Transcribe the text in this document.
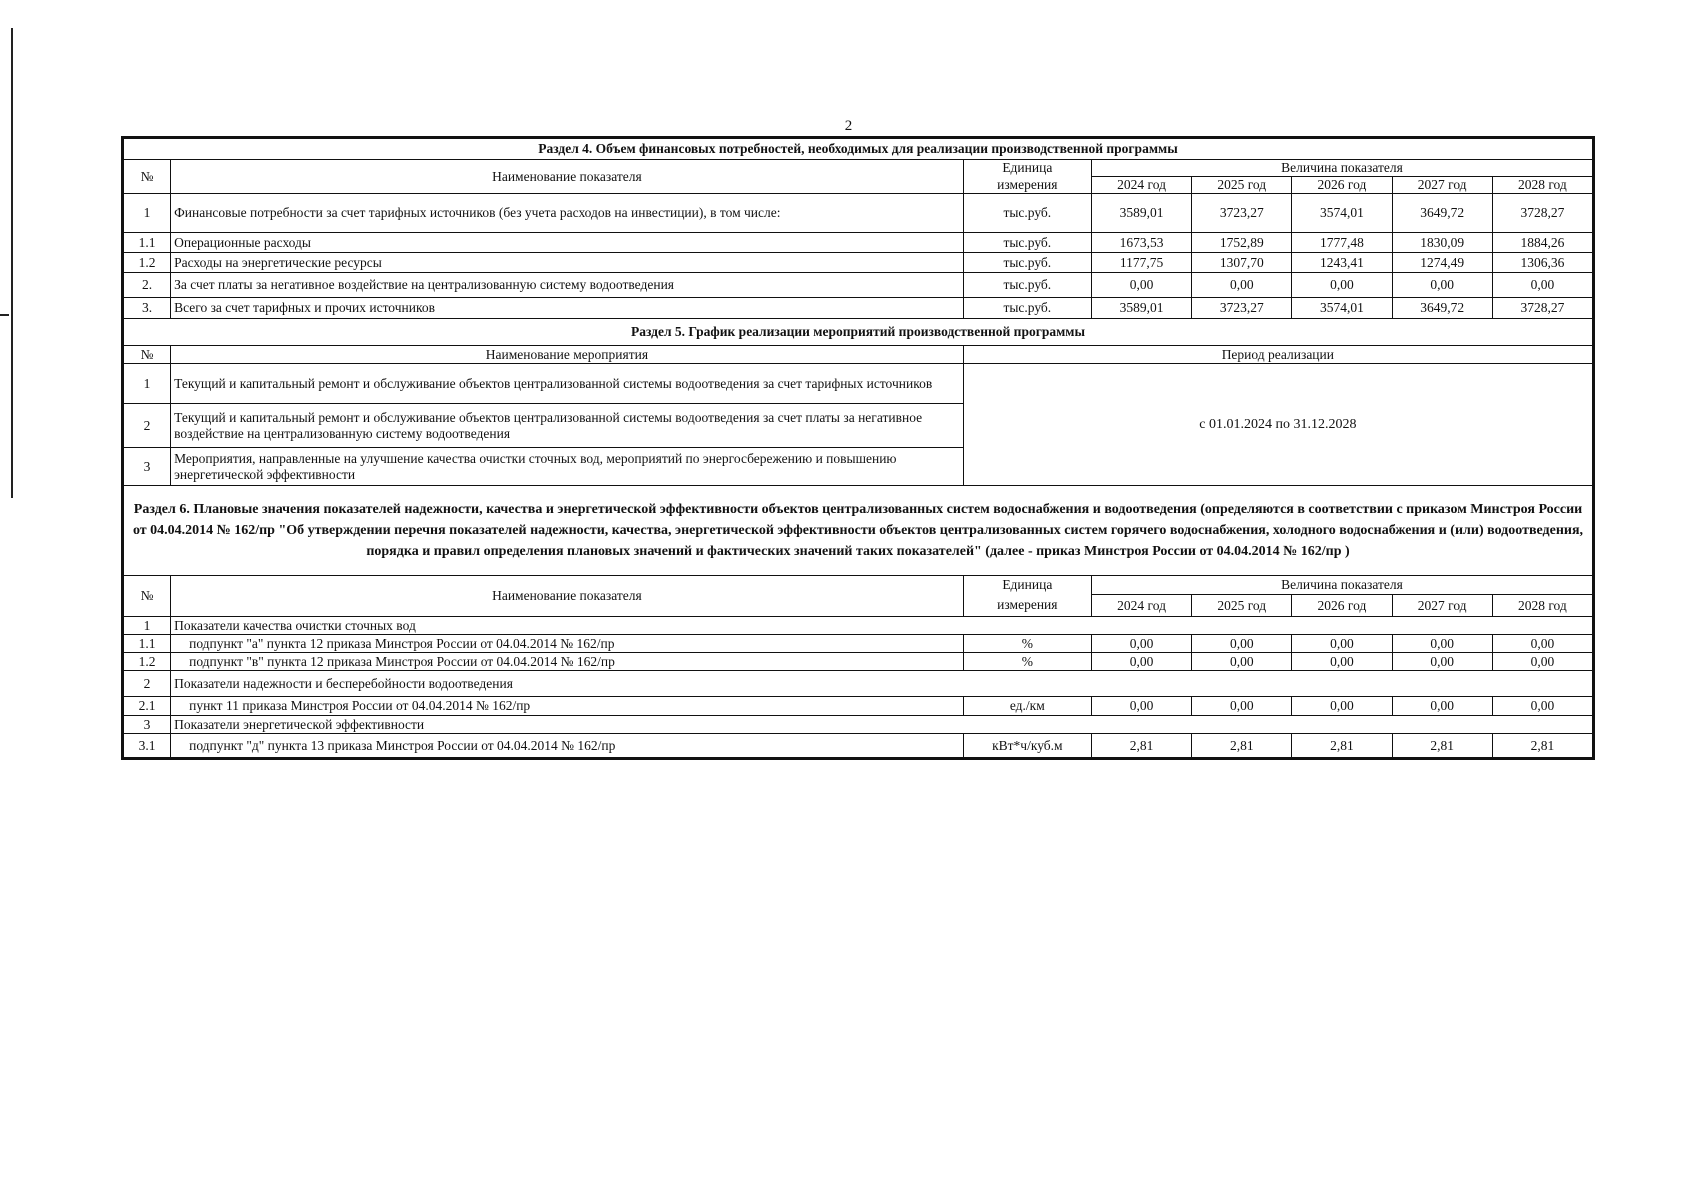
2
Раздел 4. Объем финансовых потребностей, необходимых для реализации производственной программы							
№	Наименование показателя	Единица	Величина показателя				
		измерения	2024 год	2025 год	2026 год	2027 год	2028 год
1	Финансовые потребности за счет тарифных источников (без учета расходов на инвестиции), в том числе:	тыс.руб.	3589,01	3723,27	3574,01	3649,72	3728,27
1.1	Операционные расходы	тыс.руб.	1673,53	1752,89	1777,48	1830,09	1884,26
1.2	Расходы на энергетические ресурсы	тыс.руб.	1177,75	1307,70	1243,41	1274,49	1306,36
2.	За счет платы за негативное воздействие на централизованную систему водоотведения	тыс.руб.	0,00	0,00	0,00	0,00	0,00
3.	Всего за счет тарифных и прочих источников	тыс.руб.	3589,01	3723,27	3574,01	3649,72	3728,27
Раздел 5. График реализации мероприятий производственной программы							
№	Наименование мероприятия	Период реализации					
1	Текущий и капитальный ремонт и обслуживание объектов централизованной системы водоотведения за счет тарифных источников	с 01.01.2024 по 31.12.2028					
2	Текущий и капитальный ремонт и обслуживание объектов централизованной системы водоотведения за счет платы за негативное воздействие на централизованную систему водоотведения						
3	Мероприятия, направленные на улучшение качества очистки сточных вод, мероприятий по энергосбережению и повышению энергетической эффективности						
Раздел 6. Плановые значения показателей надежности, качества и энергетической эффективности объектов централизованных систем водоснабжения и водоотведения (определяются в соответствии с приказом Минстроя России от 04.04.2014 № 162/пр "Об утверждении перечня показателей надежности, качества, энергетической эффективности объектов централизованных систем горячего водоснабжения, холодного водоснабжения и (или) водоотведения, порядка и правил определения плановых значений и фактических значений таких показателей" (далее - приказ Минстроя России от 04.04.2014 № 162/пр )							
№	Наименование показателя	Единица	Величина показателя				
		измерения	2024 год	2025 год	2026 год	2027 год	2028 год
1	Показатели качества очистки сточных вод						
1.1	подпункт "а" пункта 12 приказа Минстроя России от 04.04.2014 № 162/пр	%	0,00	0,00	0,00	0,00	0,00
1.2	подпункт "в" пункта 12 приказа Минстроя России от 04.04.2014 № 162/пр	%	0,00	0,00	0,00	0,00	0,00
2	Показатели надежности и бесперебойности водоотведения						
2.1	пункт 11 приказа Минстроя России от 04.04.2014 № 162/пр	ед./км	0,00	0,00	0,00	0,00	0,00
3	Показатели энергетической эффективности						
3.1	подпункт "д" пункта 13 приказа Минстроя России от 04.04.2014 № 162/пр	кВт*ч/куб.м	2,81	2,81	2,81	2,81	2,81
